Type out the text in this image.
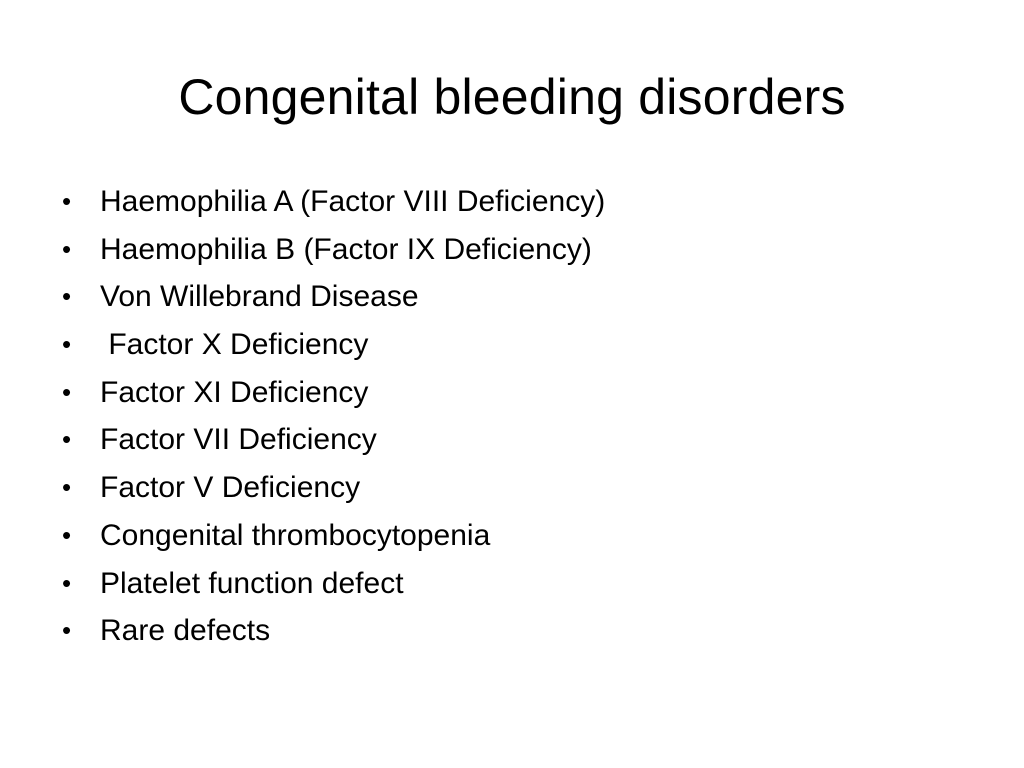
Congenital bleeding disorders
• Haemophilia A (Factor VIII Deficiency)
• Haemophilia B (Factor IX Deficiency)
• Von Willebrand Disease
• Factor X Deficiency
• Factor XI Deficiency
• Factor VII Deficiency
• Factor V Deficiency
• Congenital thrombocytopenia
• Platelet function defect
• Rare defects
